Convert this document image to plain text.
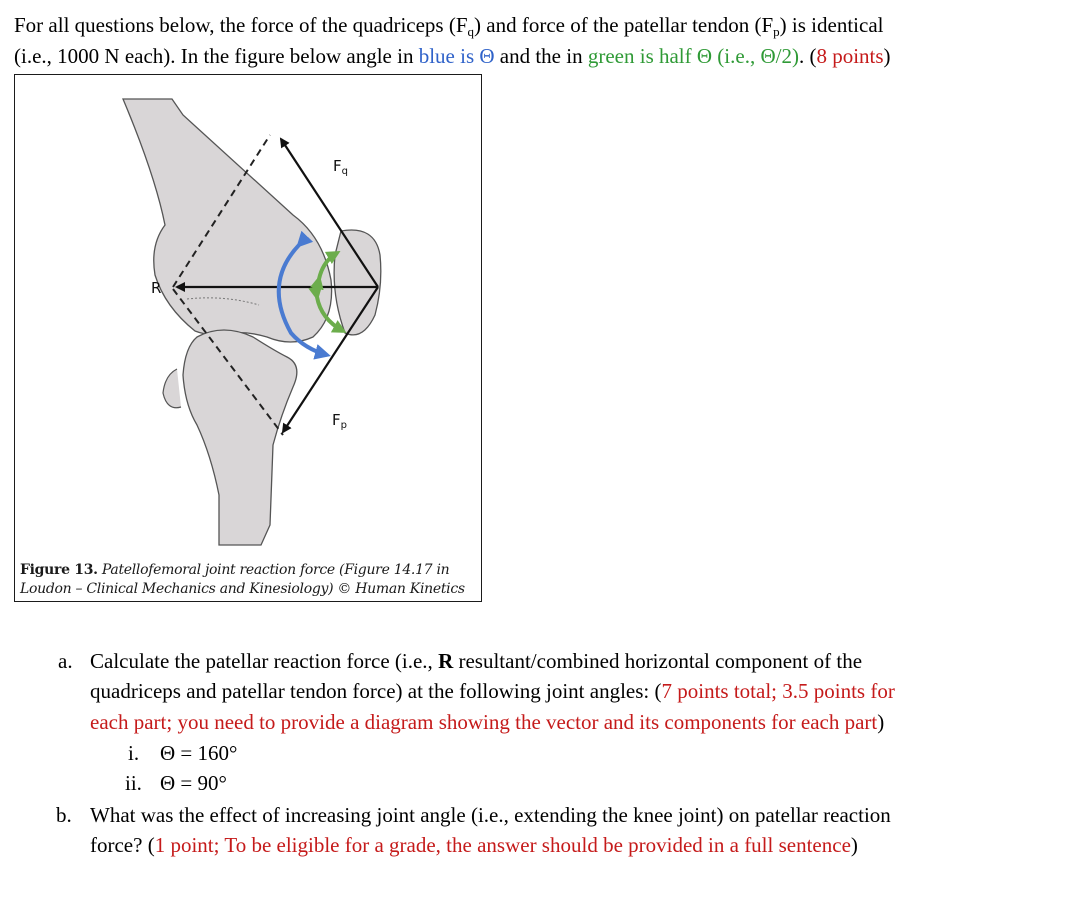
For all questions below, the force of the quadriceps $(F_q)$ and force of the patellar tendon $(F_p)$ is identical
(i.e., 1000 N each). In the figure below angle in blue is Θ and the in green is half Θ (i.e., Θ/2). (8 points)
$F_q$
$F_p$
R
Figure 13. Patellofemoral joint reaction force (Figure 14.17 in
Loudon – Clinical Mechanics and Kinesiology) © Human Kinetics
a. Calculate the patellar reaction force (i.e., R resultant/combined horizontal component of the
quadriceps and patellar tendon force) at the following joint angles: (7 points total; 3.5 points for
each part; you need to provide a diagram showing the vector and its components for each part)
i. Θ = 160°
ii. Θ = 90°
b. What was the effect of increasing joint angle (i.e., extending the knee joint) on patellar reaction
force? (1 point; To be eligible for a grade, the answer should be provided in a full sentence)
